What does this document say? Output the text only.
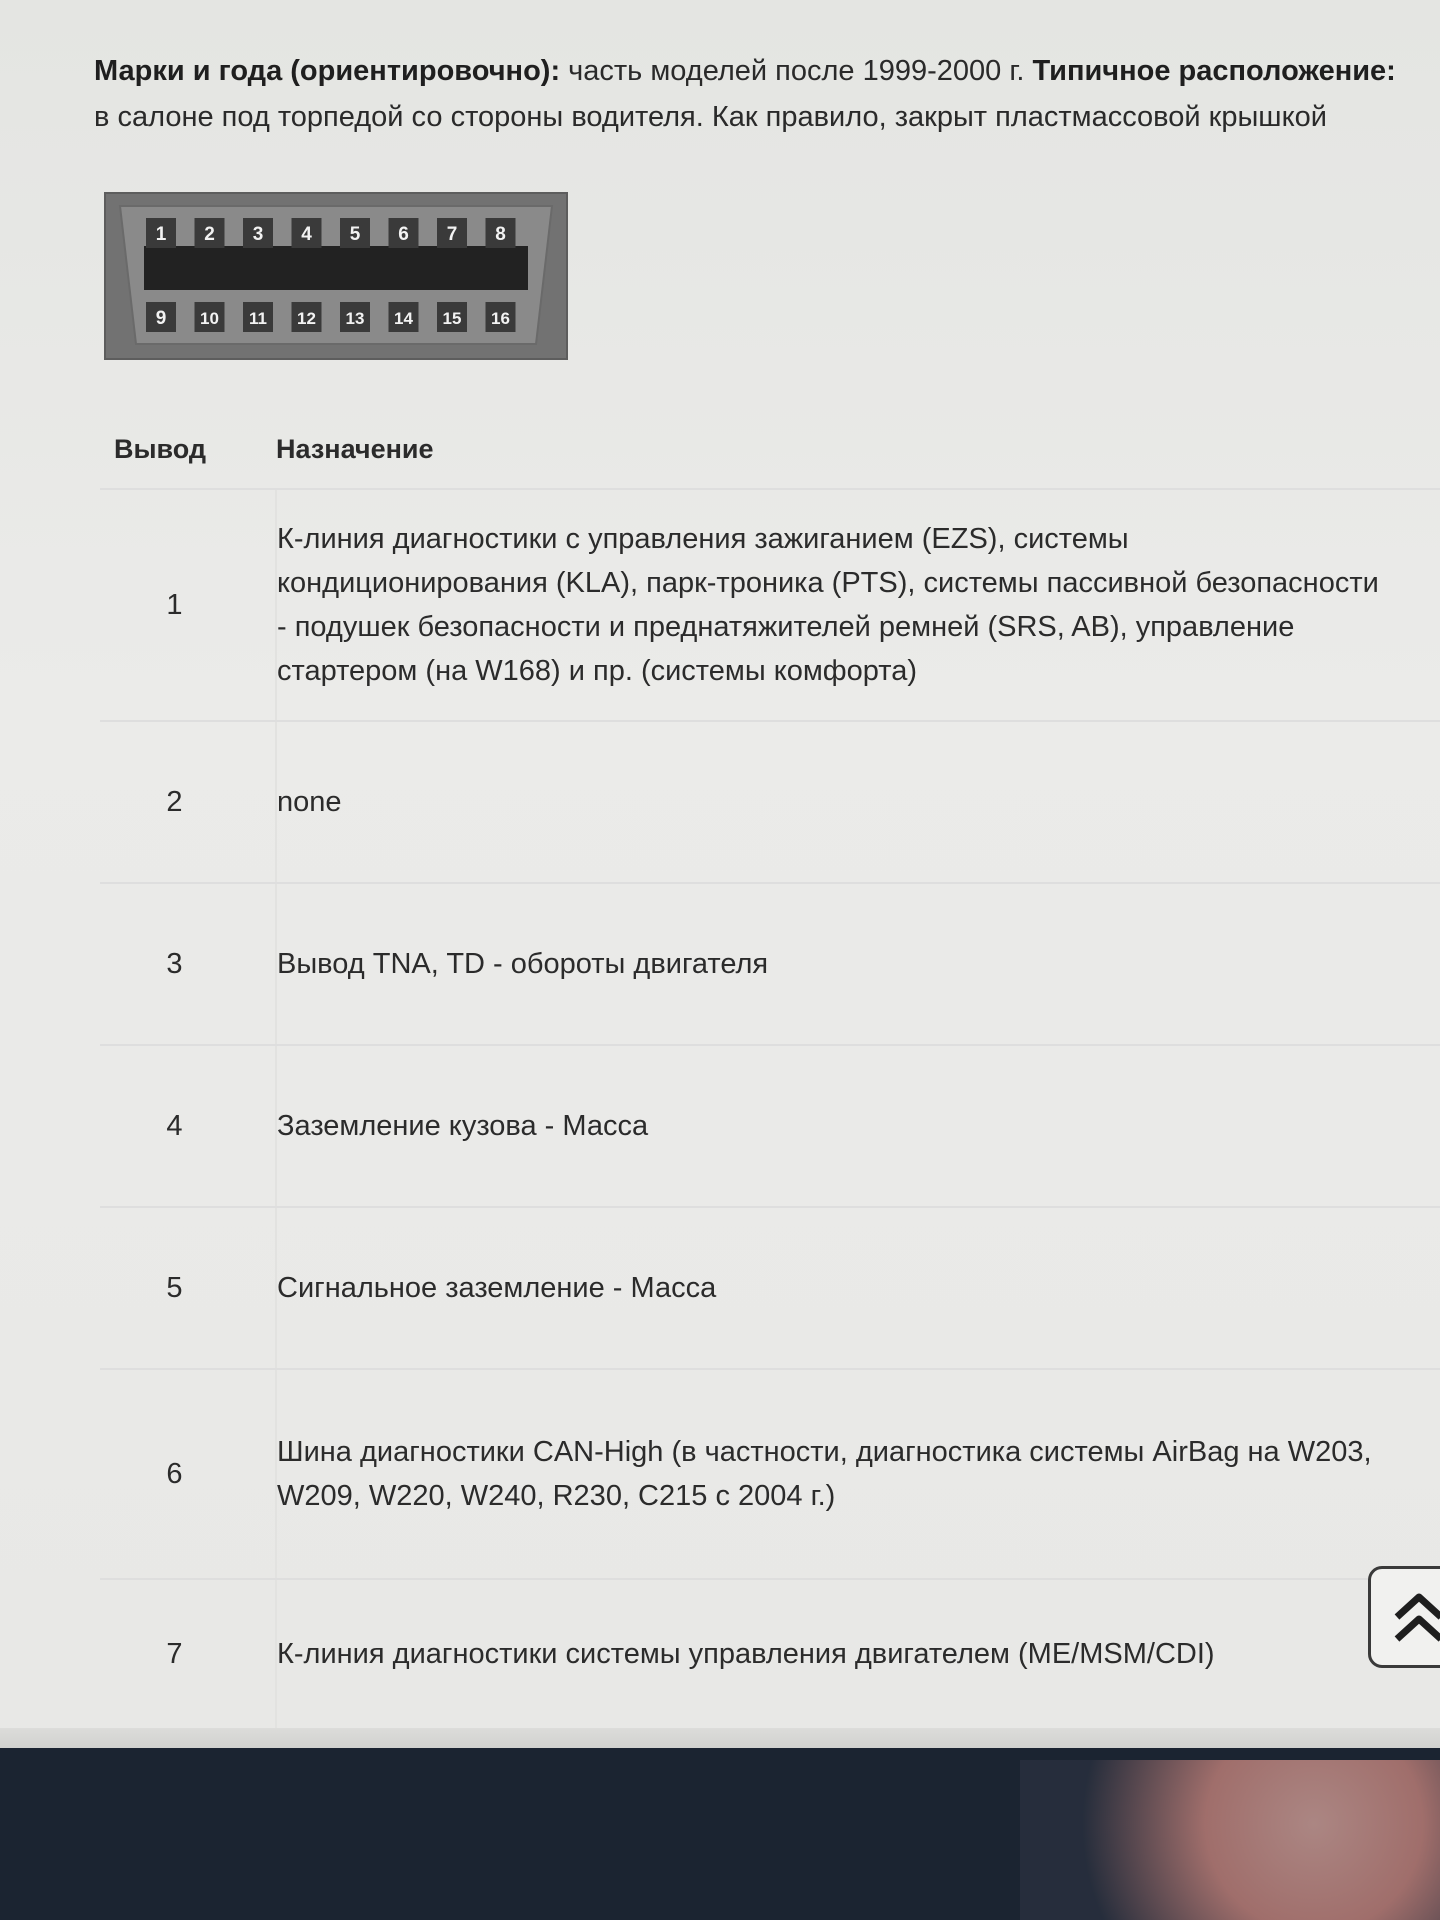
Марки и года (ориентировочно): часть моделей после 1999-2000 г. Типичное расположение:
в салоне под торпедой со стороны водителя. Как правило, закрыт пластмассовой крышкой
1 2 3 4 5 6 7 8
9 10 11 12 13 14 15 16
Вывод	Назначение
1	К-линия диагностики с управления зажиганием (EZS), системы кондиционирования (KLA), парк-троника (PTS), системы пассивной безопасности - подушек безопасности и преднатяжителей ремней (SRS, AB), управление стартером (на W168) и пр. (системы комфорта)
2	none
3	Вывод TNA, TD - обороты двигателя
4	Заземление кузова - Масса
5	Сигнальное заземление - Масса
6	Шина диагностики CAN-High (в частности, диагностика системы AirBag на W203, W209, W220, W240, R230, C215 с 2004 г.)
7	К-линия диагностики системы управления двигателем (ME/MSM/CDI)
